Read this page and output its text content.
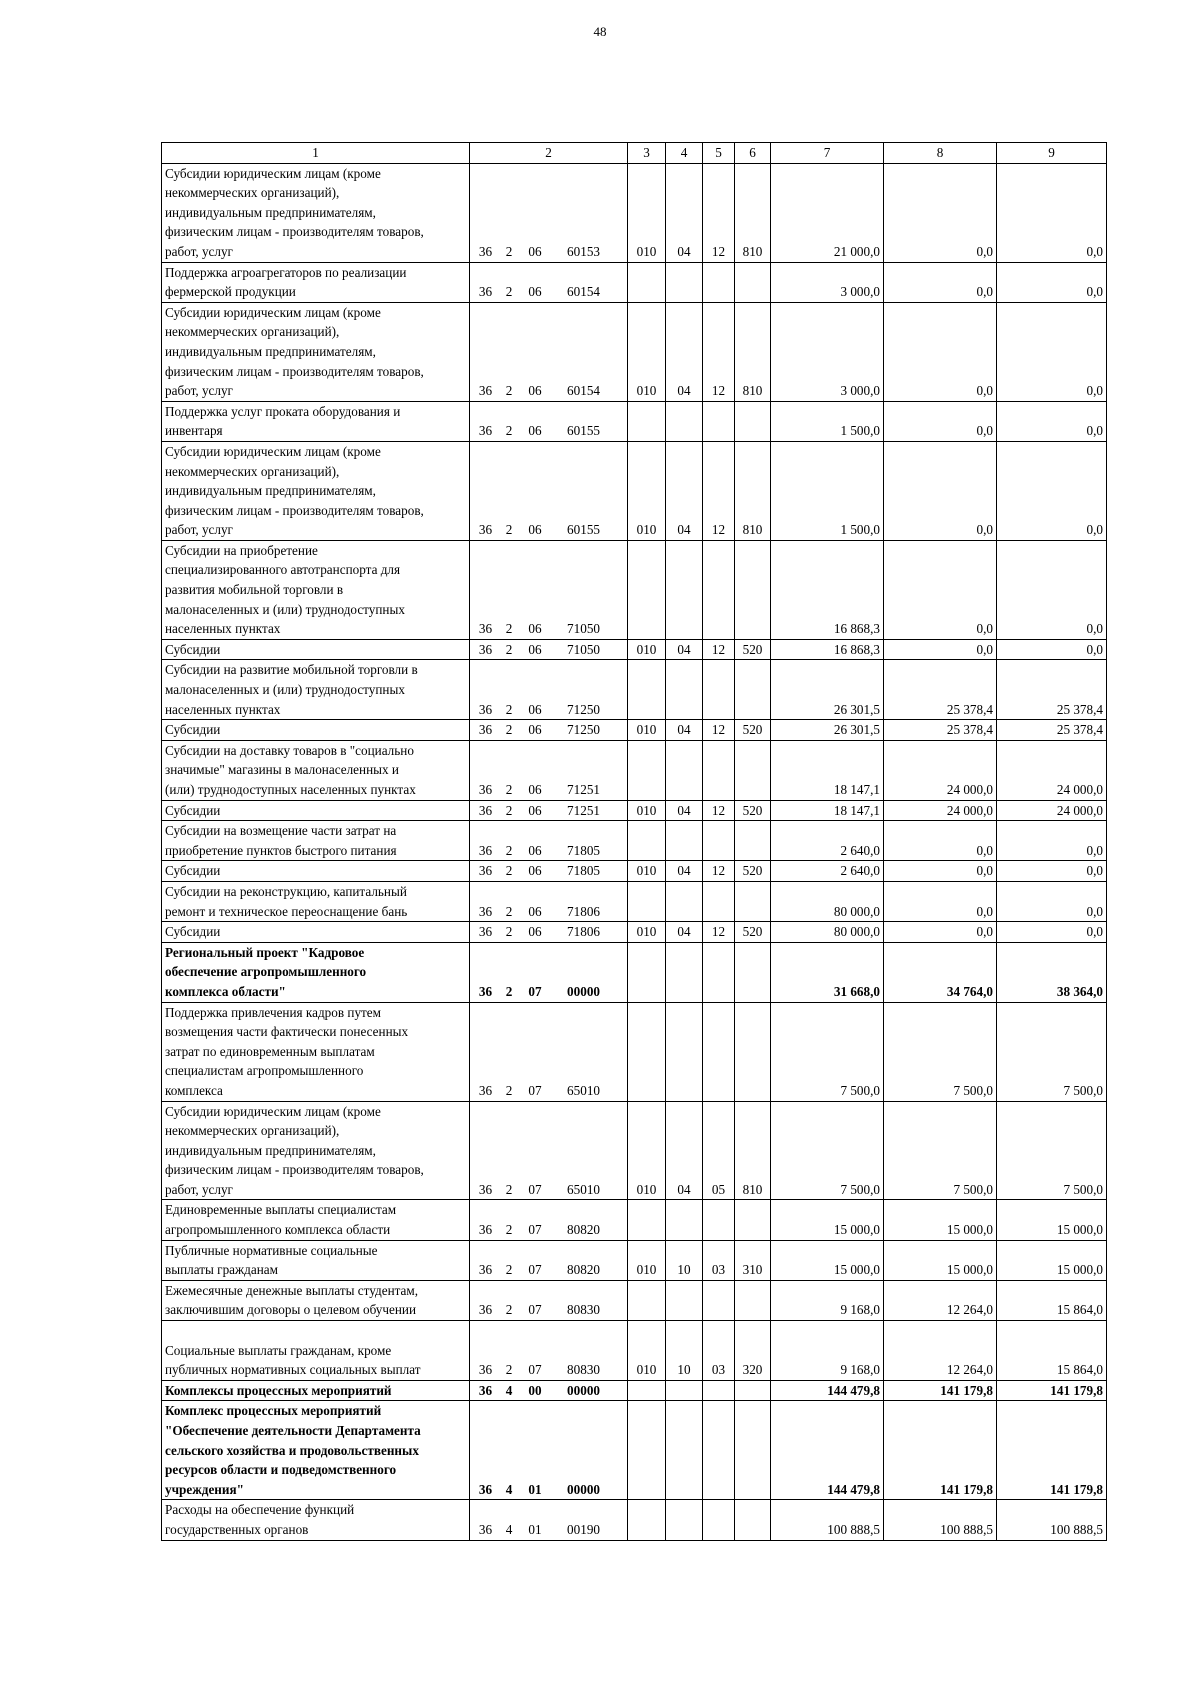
48
1	2	3	4	5	6	7	8	9

Субсидии юридическим лицам (кроме
некоммерческих организаций),
индивидуальным предпринимателям,
физическим лицам - производителям товаров,
работ, услуг	36 2 06 60153	010	04	12	810	21 000,0	0,0	0,0

Поддержка агроагрегаторов по реализации
фермерской продукции	36 2 06 60154					3 000,0	0,0	0,0

Субсидии юридическим лицам (кроме
некоммерческих организаций),
индивидуальным предпринимателям,
физическим лицам - производителям товаров,
работ, услуг	36 2 06 60154	010	04	12	810	3 000,0	0,0	0,0

Поддержка услуг проката оборудования и
инвентаря	36 2 06 60155					1 500,0	0,0	0,0

Субсидии юридическим лицам (кроме
некоммерческих организаций),
индивидуальным предпринимателям,
физическим лицам - производителям товаров,
работ, услуг	36 2 06 60155	010	04	12	810	1 500,0	0,0	0,0

Субсидии на приобретение
специализированного автотранспорта для
развития мобильной торговли в
малонаселенных и (или) труднодоступных
населенных пунктах	36 2 06 71050					16 868,3	0,0	0,0

Субсидии	36 2 06 71050	010	04	12	520	16 868,3	0,0	0,0

Субсидии на развитие мобильной торговли в
малонаселенных и (или) труднодоступных
населенных пунктах	36 2 06 71250					26 301,5	25 378,4	25 378,4

Субсидии	36 2 06 71250	010	04	12	520	26 301,5	25 378,4	25 378,4

Субсидии на доставку товаров в "социально
значимые" магазины в малонаселенных и
(или) труднодоступных населенных пунктах	36 2 06 71251					18 147,1	24 000,0	24 000,0

Субсидии	36 2 06 71251	010	04	12	520	18 147,1	24 000,0	24 000,0

Субсидии на возмещение части затрат на
приобретение пунктов быстрого питания	36 2 06 71805					2 640,0	0,0	0,0

Субсидии	36 2 06 71805	010	04	12	520	2 640,0	0,0	0,0

Субсидии на реконструкцию, капитальный
ремонт и техническое переоснащение бань	36 2 06 71806					80 000,0	0,0	0,0

Субсидии	36 2 06 71806	010	04	12	520	80 000,0	0,0	0,0

Региональный проект "Кадровое
обеспечение агропромышленного
комплекса области"	36 2 07 00000					31 668,0	34 764,0	38 364,0

Поддержка привлечения кадров путем
возмещения части фактически понесенных
затрат по единовременным выплатам
специалистам агропромышленного
комплекса	36 2 07 65010					7 500,0	7 500,0	7 500,0

Субсидии юридическим лицам (кроме
некоммерческих организаций),
индивидуальным предпринимателям,
физическим лицам - производителям товаров,
работ, услуг	36 2 07 65010	010	04	05	810	7 500,0	7 500,0	7 500,0

Единовременные выплаты специалистам
агропромышленного комплекса области	36 2 07 80820					15 000,0	15 000,0	15 000,0

Публичные нормативные социальные
выплаты гражданам	36 2 07 80820	010	10	03	310	15 000,0	15 000,0	15 000,0

Ежемесячные денежные выплаты студентам,
заключившим договоры о целевом обучении	36 2 07 80830					9 168,0	12 264,0	15 864,0

Социальные выплаты гражданам, кроме
публичных нормативных социальных выплат	36 2 07 80830	010	10	03	320	9 168,0	12 264,0	15 864,0

Комплексы процессных мероприятий	36 4 00 00000					144 479,8	141 179,8	141 179,8

Комплекс процессных мероприятий
"Обеспечение деятельности Департамента
сельского хозяйства и продовольственных
ресурсов области и подведомственного
учреждения"	36 4 01 00000					144 479,8	141 179,8	141 179,8

Расходы на обеспечение функций
государственных органов	36 4 01 00190					100 888,5	100 888,5	100 888,5
